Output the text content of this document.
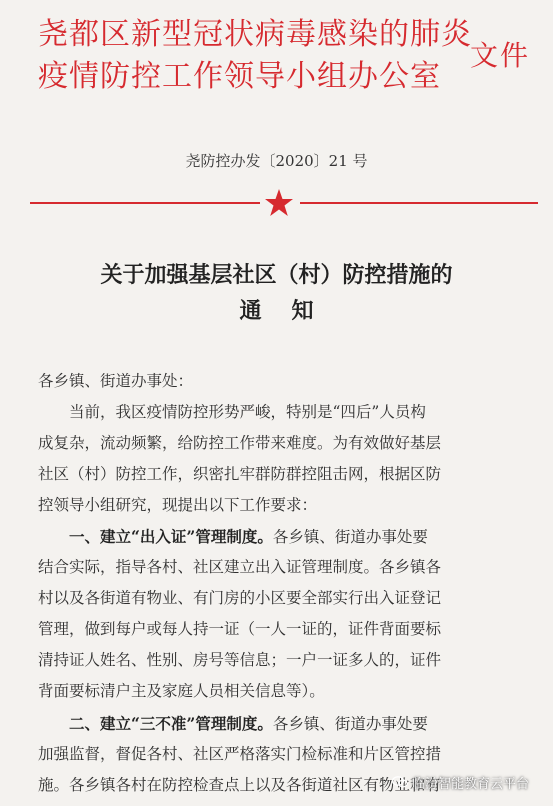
尧都区新型冠状病毒感染的肺炎
疫情防控工作领导小组办公室
文件
尧防控办发〔2020〕21 号
关于加强基层社区（村）防控措施的
通知
各乡镇、街道办事处：
当前，我区疫情防控形势严峻，特别是“四后”人员构
成复杂，流动频繁，给防控工作带来难度。为有效做好基层
社区（村）防控工作，织密扎牢群防群控阻击网，根据区防
控领导小组研究，现提出以下工作要求：
一、建立“出入证”管理制度。各乡镇、街道办事处要
结合实际，指导各村、社区建立出入证管理制度。各乡镇各
村以及各街道有物业、有门房的小区要全部实行出入证登记
管理，做到每户或每人持一证（一人一证的，证件背面要标
清持证人姓名、性别、房号等信息；一户一证多人的，证件
背面要标清户主及家庭人员相关信息等）。
二、建立“三不准”管理制度。各乡镇、街道办事处要
加强监督，督促各村、社区严格落实门检标准和片区管控措
施。各乡镇各村在防控检查点上以及各街道社区有物业和有
临汾智能教育云平台
